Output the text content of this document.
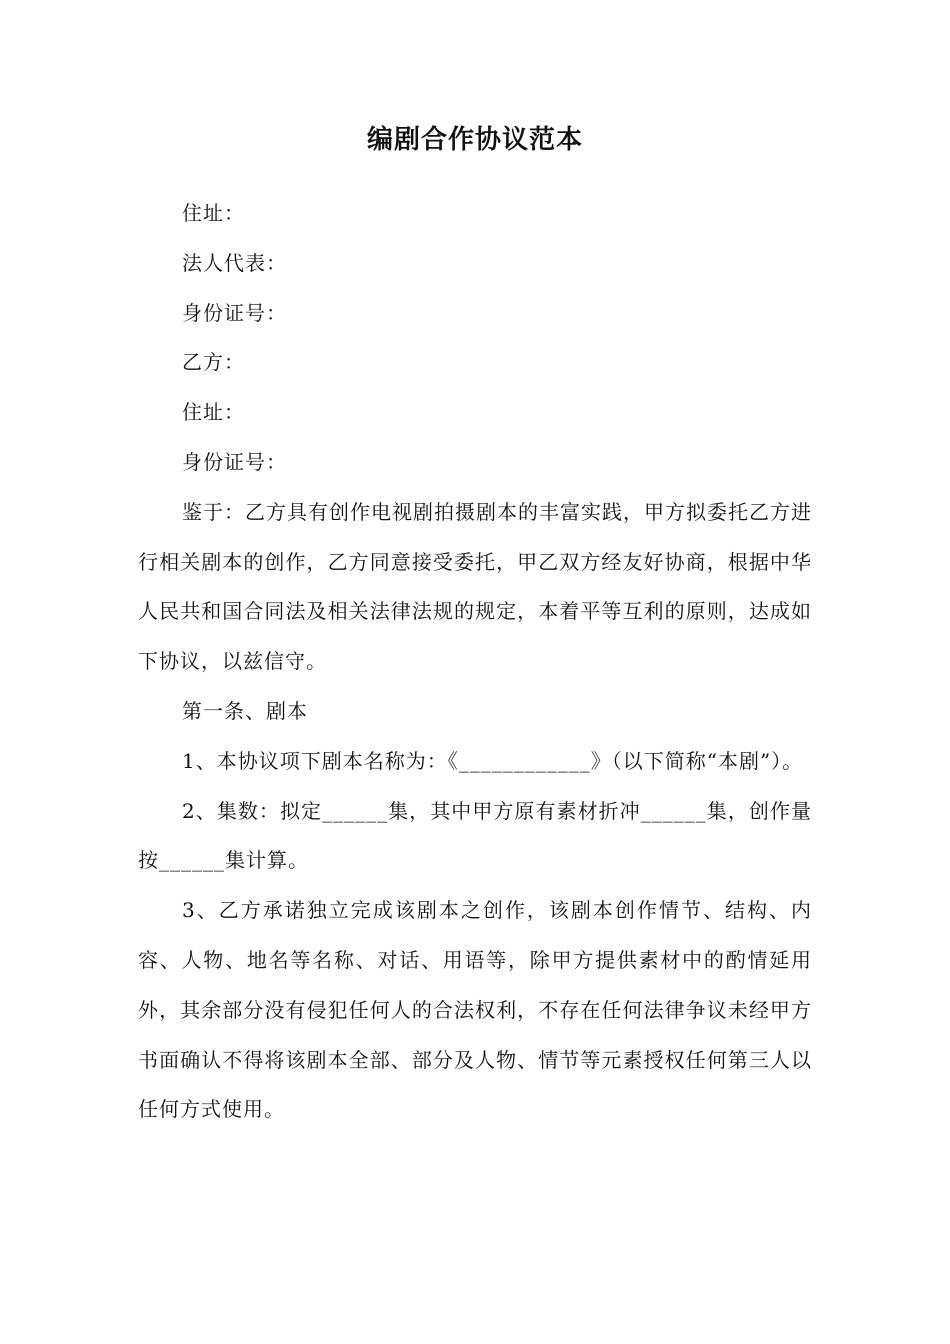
编剧合作协议范本

住址：

法人代表：

身份证号：

乙方：

住址：

身份证号：

鉴于：乙方具有创作电视剧拍摄剧本的丰富实践，甲方拟委托乙方进行相关剧本的创作，乙方同意接受委托，甲乙双方经友好协商，根据中华人民共和国合同法及相关法律法规的规定，本着平等互利的原则，达成如下协议，以兹信守。

第一条、剧本

1、本协议项下剧本名称为：《____________》（以下简称“本剧”）。

2、集数：拟定______集，其中甲方原有素材折冲______集，创作量按______集计算。

3、乙方承诺独立完成该剧本之创作，该剧本创作情节、结构、内容、人物、地名等名称、对话、用语等，除甲方提供素材中的酌情延用外，其余部分没有侵犯任何人的合法权利，不存在任何法律争议未经甲方书面确认不得将该剧本全部、部分及人物、情节等元素授权任何第三人以任何方式使用。
